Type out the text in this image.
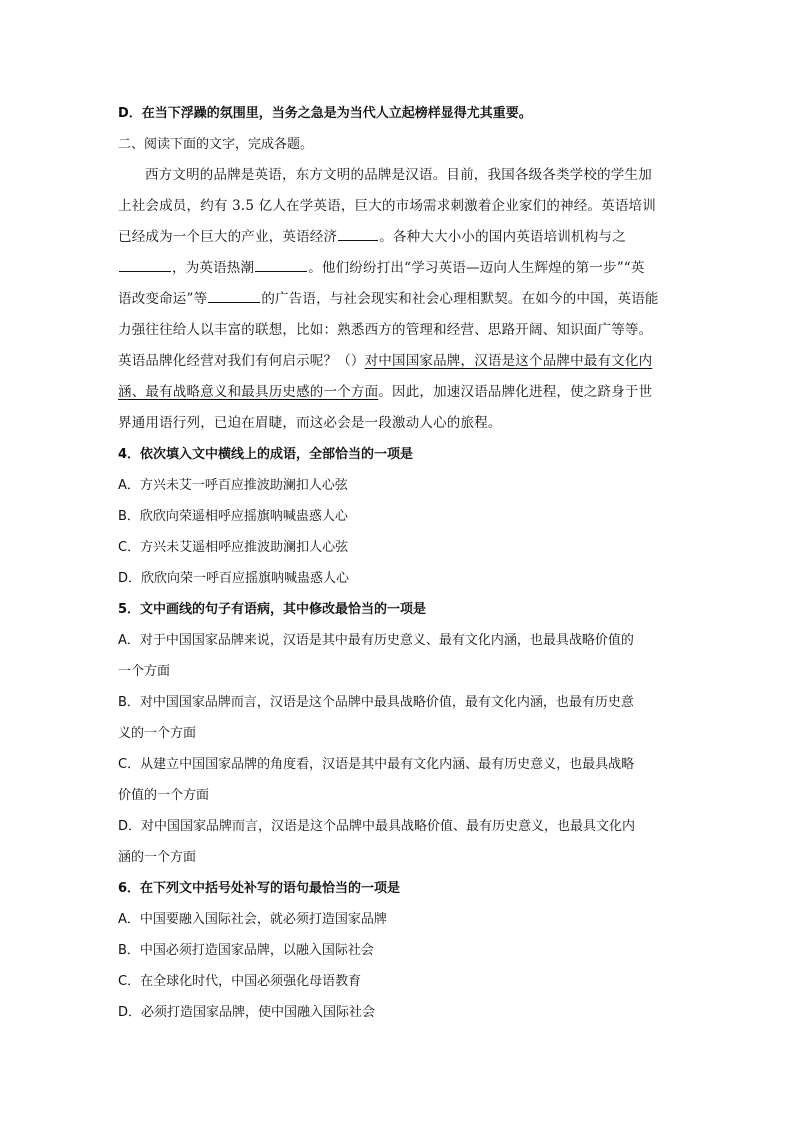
D．在当下浮躁的氛围里，当务之急是为当代人立起榜样显得尤其重要。
二、阅读下面的文字，完成各题。
西方文明的品牌是英语，东方文明的品牌是汉语。目前，我国各级各类学校的学生加
上社会成员，约有 3.5 亿人在学英语，巨大的市场需求刺激着企业家们的神经。英语培训
已经成为一个巨大的产业，英语经济	。各种大大小小的国内英语培训机构与之
，为英语热潮	。他们纷纷打出“学习英语—迈向人生辉煌的第一步”“英
语改变命运”等	的广告语，与社会现实和社会心理相默契。在如今的中国，英语能
力强往往给人以丰富的联想，比如：熟悉西方的管理和经营、思路开阔、知识面广等等。
英语品牌化经营对我们有何启示呢？（）对中国国家品牌，汉语是这个品牌中最有文化内
涵、最有战略意义和最具历史感的一个方面。因此，加速汉语品牌化进程，使之跻身于世
界通用语行列，已迫在眉睫，而这必会是一段激动人心的旅程。
4．依次填入文中横线上的成语，全部恰当的一项是
A．方兴未艾一呼百应推波助澜扣人心弦
B．欣欣向荣遥相呼应摇旗呐喊蛊惑人心
C．方兴未艾遥相呼应推波助澜扣人心弦
D．欣欣向荣一呼百应摇旗呐喊蛊惑人心
5．文中画线的句子有语病，其中修改最恰当的一项是
A．对于中国国家品牌来说，汉语是其中最有历史意义、最有文化内涵，也最具战略价值的
一个方面
B．对中国国家品牌而言，汉语是这个品牌中最具战略价值，最有文化内涵，也最有历史意
义的一个方面
C．从建立中国国家品牌的角度看，汉语是其中最有文化内涵、最有历史意义，也最具战略
价值的一个方面
D．对中国国家品牌而言，汉语是这个品牌中最具战略价值、最有历史意义，也最具文化内
涵的一个方面
6．在下列文中括号处补写的语句最恰当的一项是
A．中国要融入国际社会，就必须打造国家品牌
B．中国必须打造国家品牌，以融入国际社会
C．在全球化时代，中国必须强化母语教育
D．必须打造国家品牌，使中国融入国际社会
